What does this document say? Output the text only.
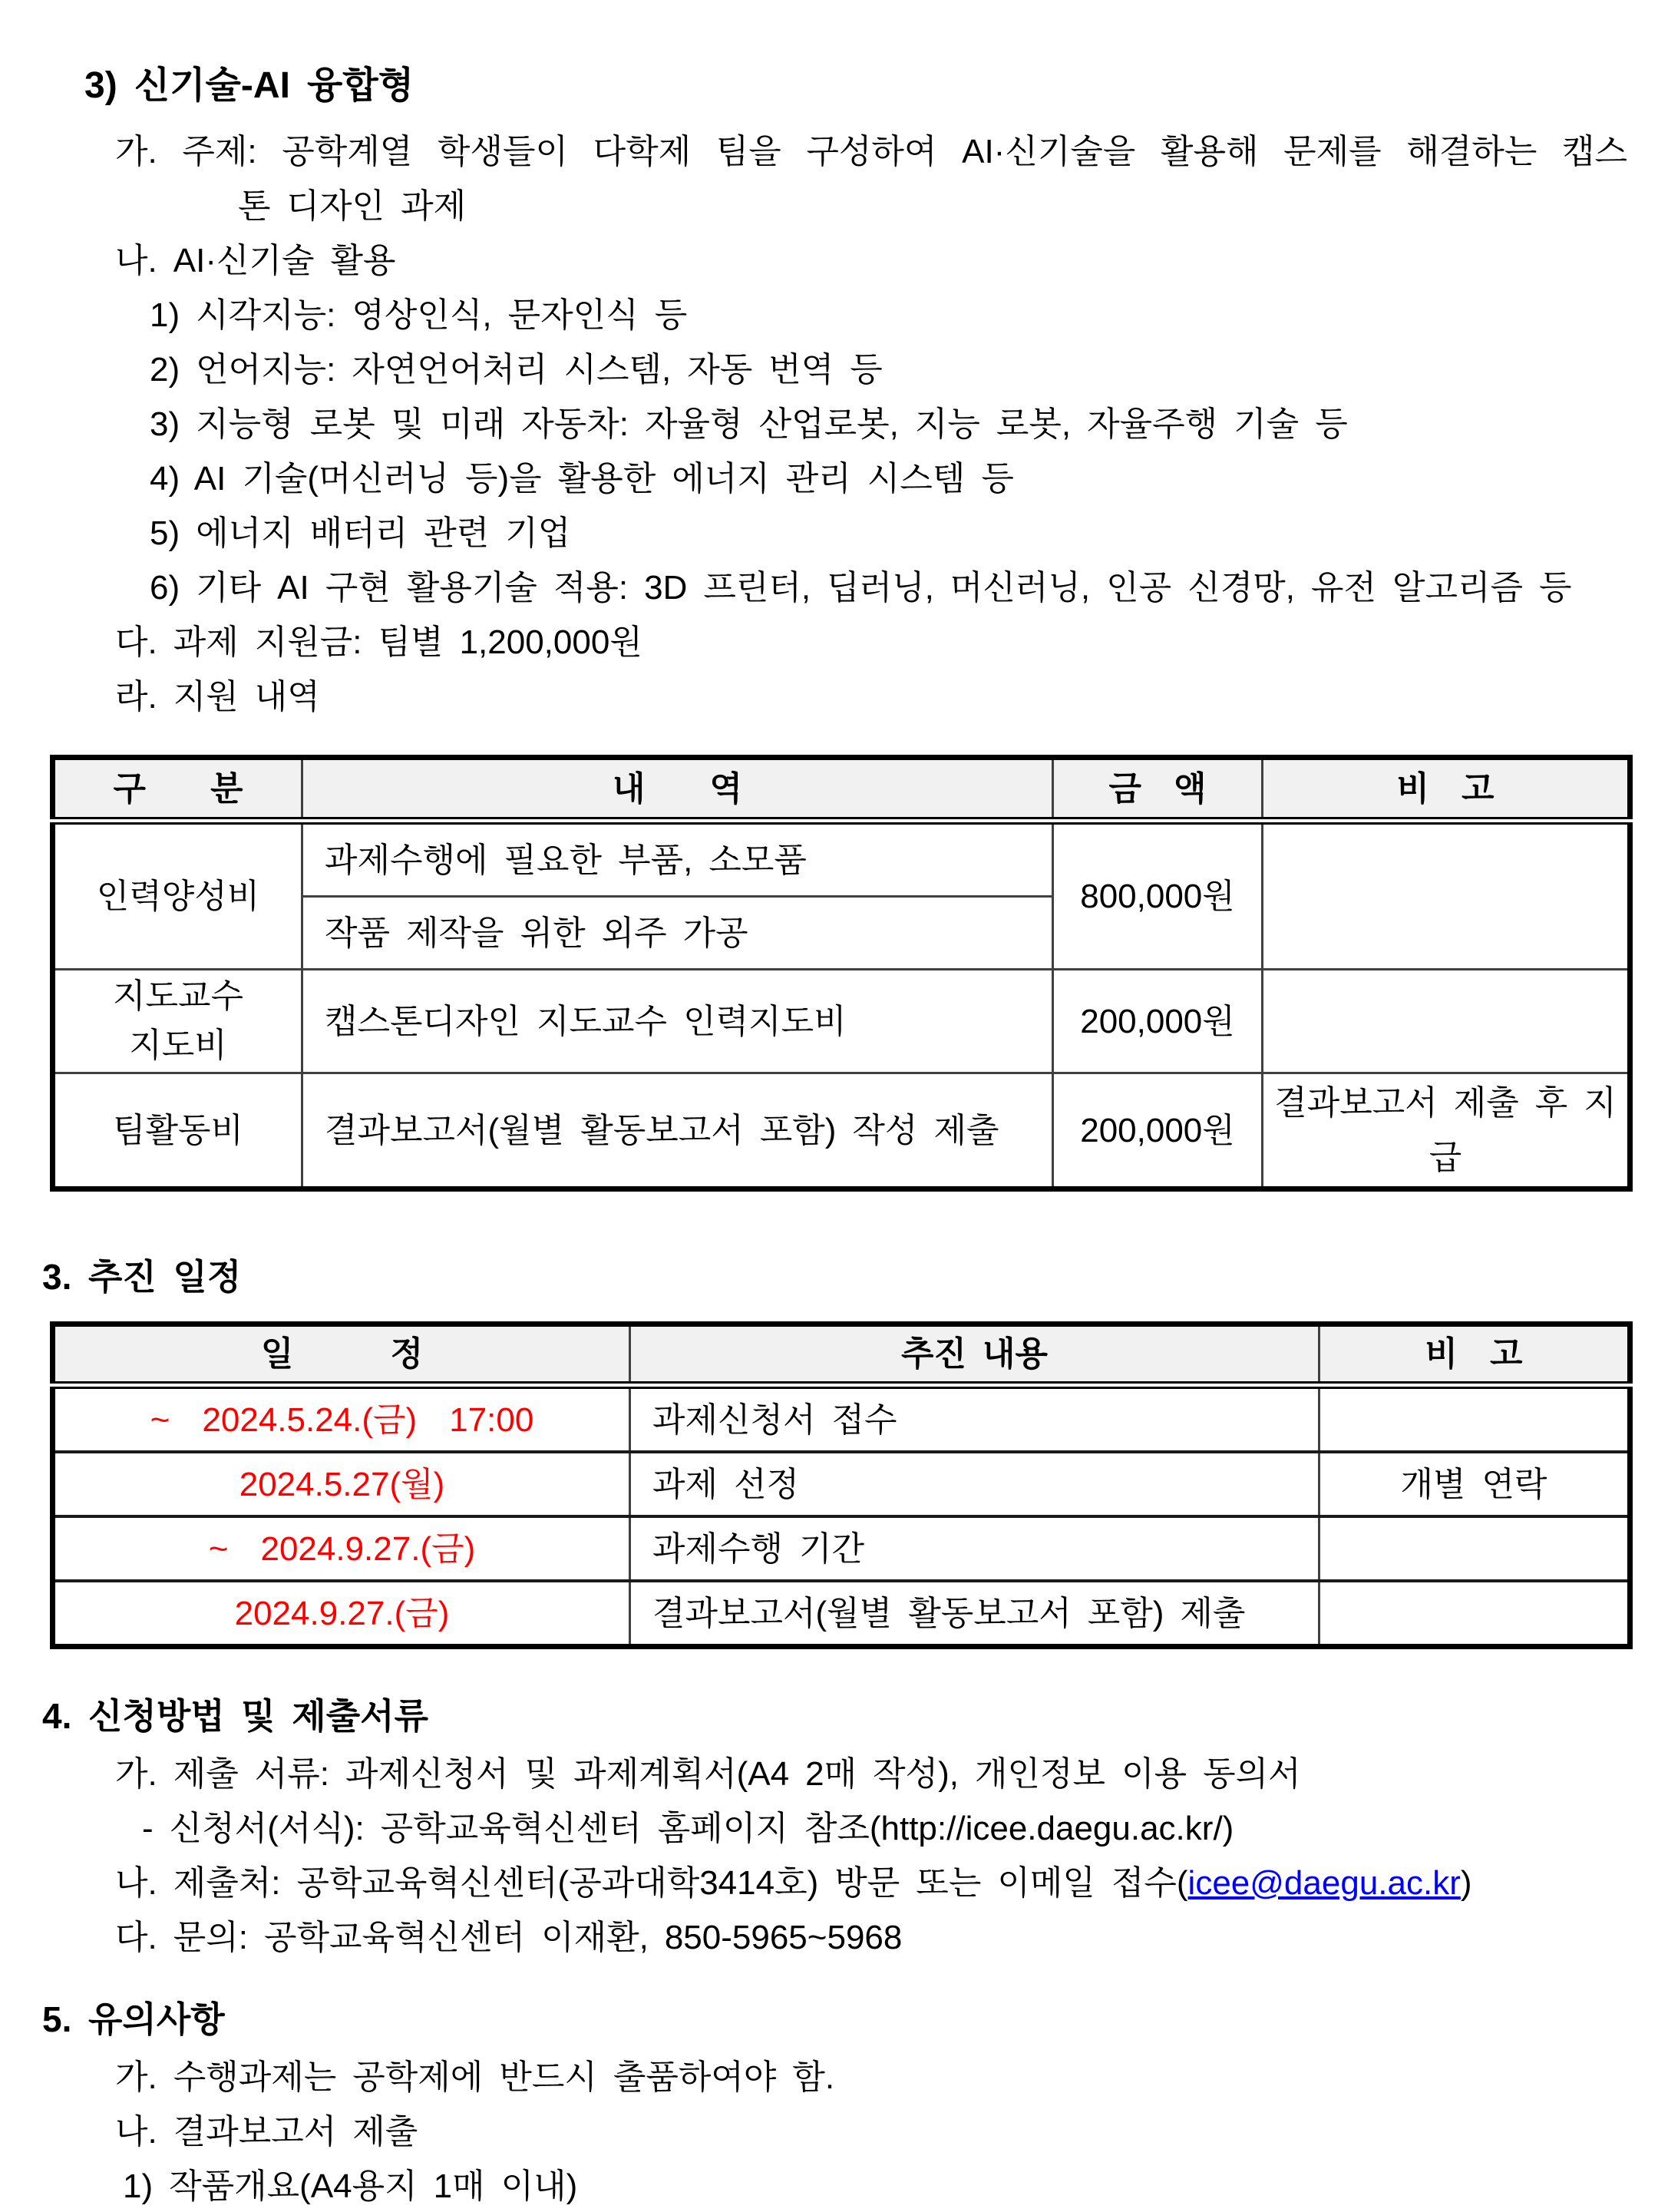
3) 신기술-AI 융합형
가. 주제: 공학계열 학생들이 다학제 팀을 구성하여 AI·신기술을 활용해 문제를 해결하는 캡스
톤 디자인 과제
나. AI·신기술 활용
1) 시각지능: 영상인식, 문자인식 등
2) 언어지능: 자연언어처리 시스템, 자동 번역 등
3) 지능형 로봇 및 미래 자동차: 자율형 산업로봇, 지능 로봇, 자율주행 기술 등
4) AI 기술(머신러닝 등)을 활용한 에너지 관리 시스템 등
5) 에너지 배터리 관련 기업
6) 기타 AI 구현 활용기술 적용: 3D 프린터, 딥러닝, 머신러닝, 인공 신경망, 유전 알고리즘 등
다. 과제 지원금: 팀별 1,200,000원
라. 지원 내역
구    분	내    역	금  액	비  고
인력양성비	과제수행에 필요한 부품, 소모품	800,000원	
	작품 제작을 위한 외주 가공		

지도교수
지도비	캡스톤디자인 지도교수 인력지도비	200,000원	
팀활동비	결과보고서(월별 활동보고서 포함) 작성 제출	200,000원	결과보고서 제출 후 지급
3. 추진 일정
일      정	추진 내용	비  고
~  2024.5.24.(금)  17:00	과제신청서 접수	
2024.5.27(월)	과제 선정	개별 연락
~  2024.9.27.(금)	과제수행 기간	
2024.9.27.(금)	결과보고서(월별 활동보고서 포함) 제출	
4. 신청방법 및 제출서류
가. 제출 서류: 과제신청서 및 과제계획서(A4 2매 작성), 개인정보 이용 동의서
- 신청서(서식): 공학교육혁신센터 홈페이지 참조(http://icee.daegu.ac.kr/)
나. 제출처: 공학교육혁신센터(공과대학3414호) 방문 또는 이메일 접수(icee@daegu.ac.kr)
다. 문의: 공학교육혁신센터 이재환, 850-5965~5968
5. 유의사항
가. 수행과제는 공학제에 반드시 출품하여야 함.
나. 결과보고서 제출
1) 작품개요(A4용지 1매 이내)
